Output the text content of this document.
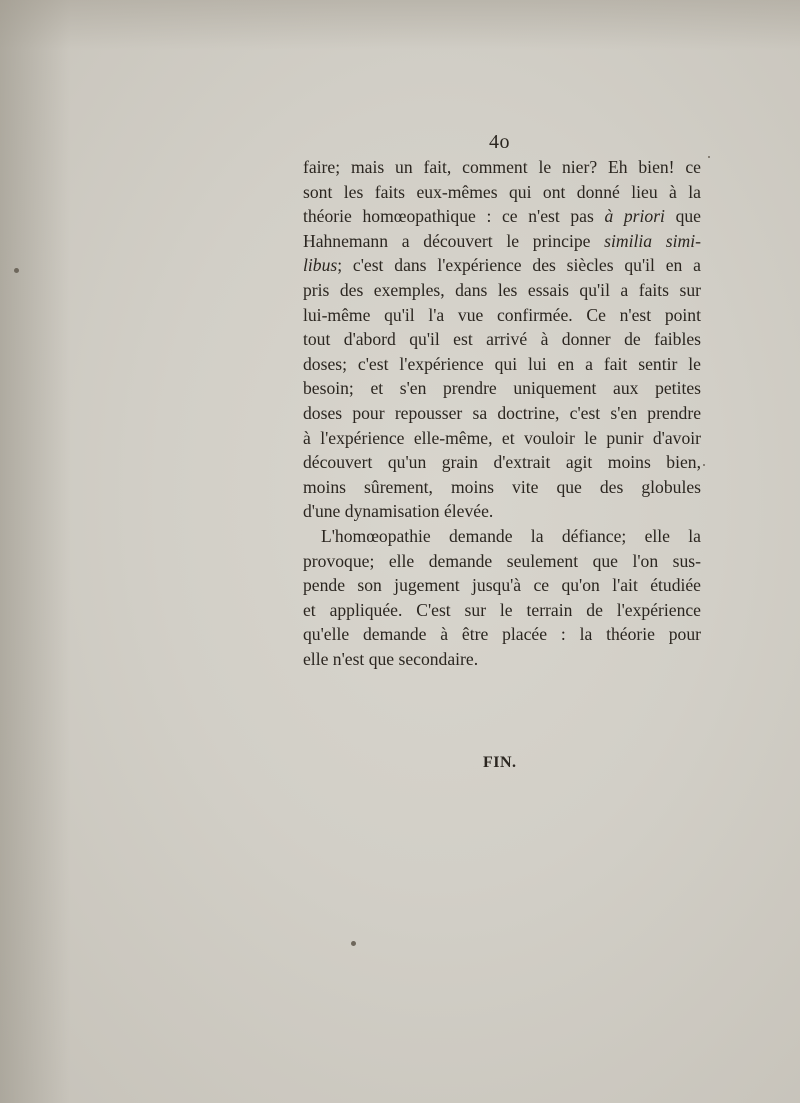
4o
faire; mais un fait, comment le nier? Eh bien! ce
sont les faits eux-mêmes qui ont donné lieu à la
théorie homœopathique : ce n'est pas à priori que
Hahnemann a découvert le principe similia simi-
libus; c'est dans l'expérience des siècles qu'il en a
pris des exemples, dans les essais qu'il a faits sur
lui-même qu'il l'a vue confirmée. Ce n'est point
tout d'abord qu'il est arrivé à donner de faibles
doses; c'est l'expérience qui lui en a fait sentir le
besoin; et s'en prendre uniquement aux petites
doses pour repousser sa doctrine, c'est s'en prendre
à l'expérience elle-même, et vouloir le punir d'avoir
découvert qu'un grain d'extrait agit moins bien,
moins sûrement, moins vite que des globules
d'une dynamisation élevée.
L'homœopathie demande la défiance; elle la
provoque; elle demande seulement que l'on sus-
pende son jugement jusqu'à ce qu'on l'ait étudiée
et appliquée. C'est sur le terrain de l'expérience
qu'elle demande à être placée : la théorie pour
elle n'est que secondaire.
FIN.
